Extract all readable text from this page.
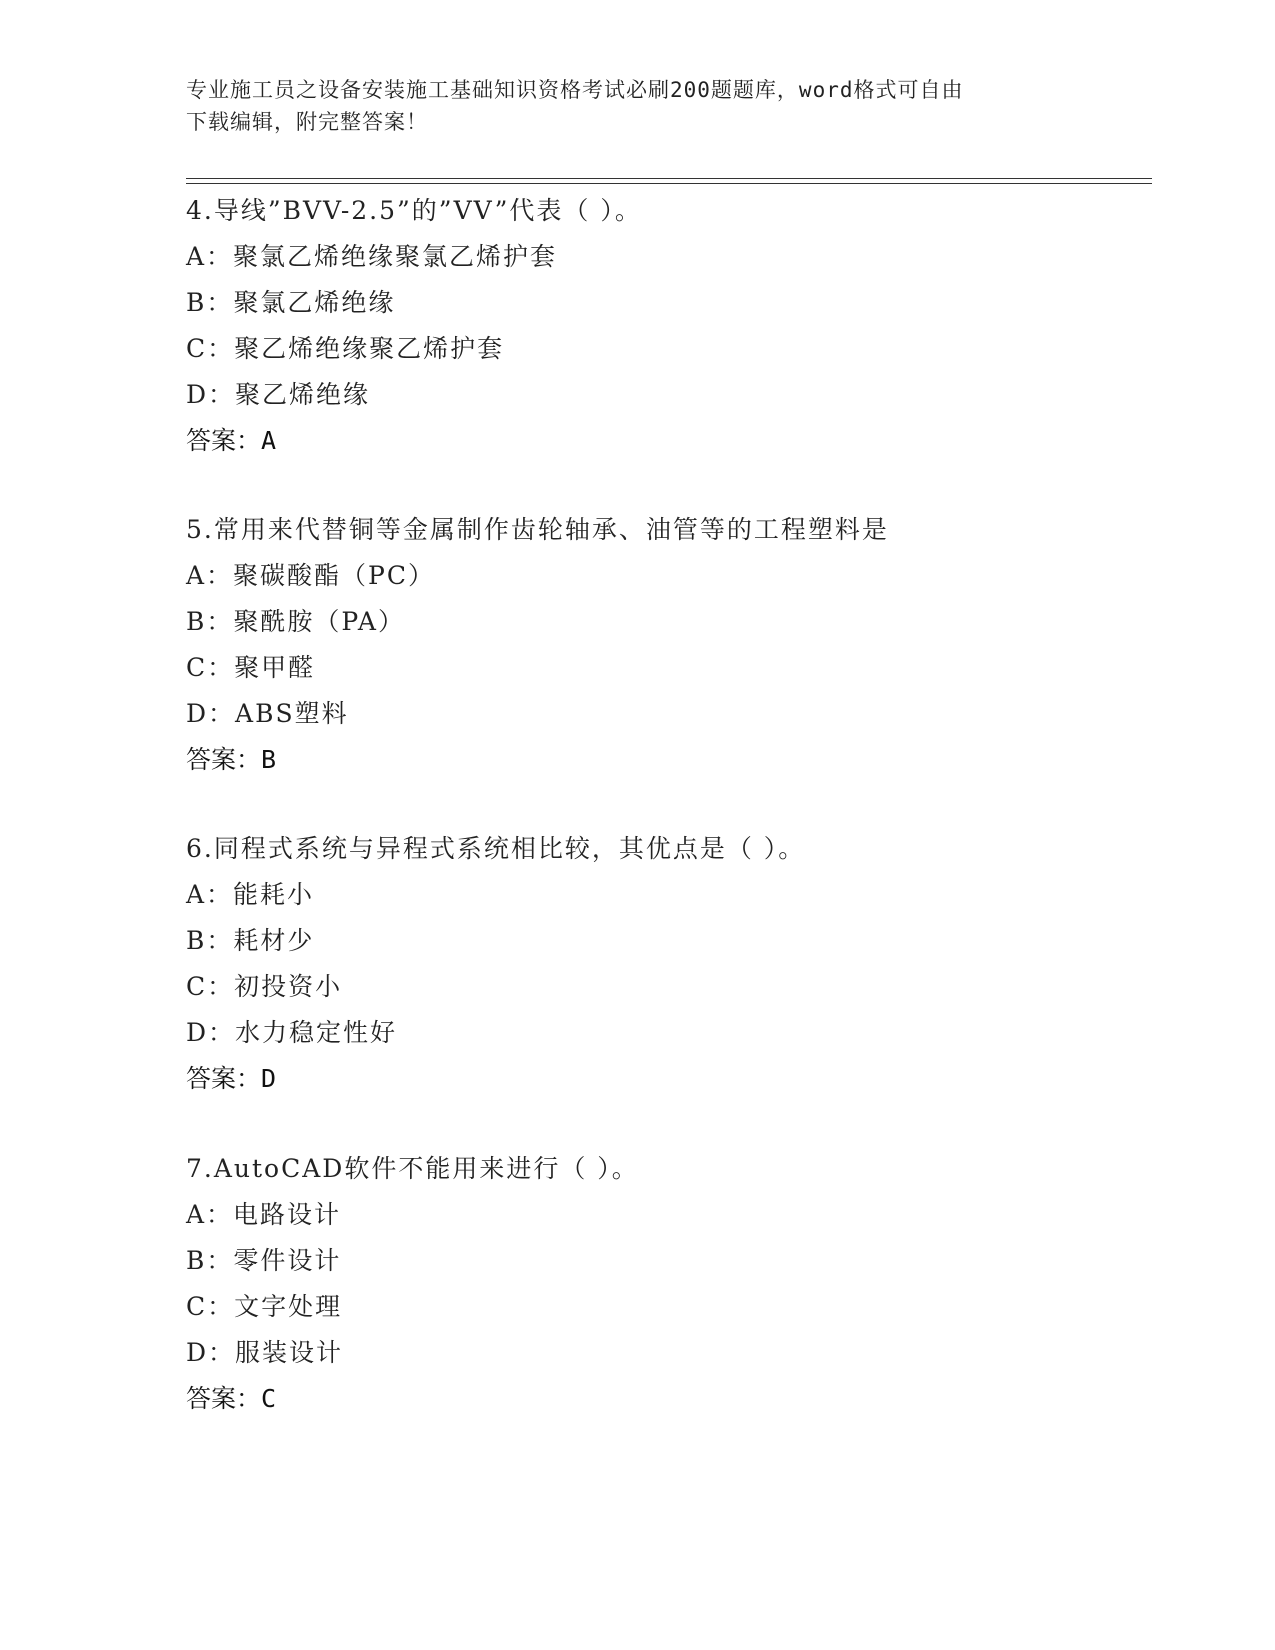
专业施工员之设备安装施工基础知识资格考试必刷200题题库，word格式可自由
下载编辑，附完整答案！
4.导线”BVV-2.5”的”VV”代表（ ）。
A：聚氯乙烯绝缘聚氯乙烯护套
B：聚氯乙烯绝缘
C：聚乙烯绝缘聚乙烯护套
D：聚乙烯绝缘
答案：A
5.常用来代替铜等金属制作齿轮轴承、油管等的工程塑料是
A：聚碳酸酯（PC）
B：聚酰胺（PA）
C：聚甲醛
D：ABS塑料
答案：B
6.同程式系统与异程式系统相比较，其优点是（ ）。
A：能耗小
B：耗材少
C：初投资小
D：水力稳定性好
答案：D
7.AutoCAD软件不能用来进行（ ）。
A：电路设计
B：零件设计
C：文字处理
D：服装设计
答案：C
